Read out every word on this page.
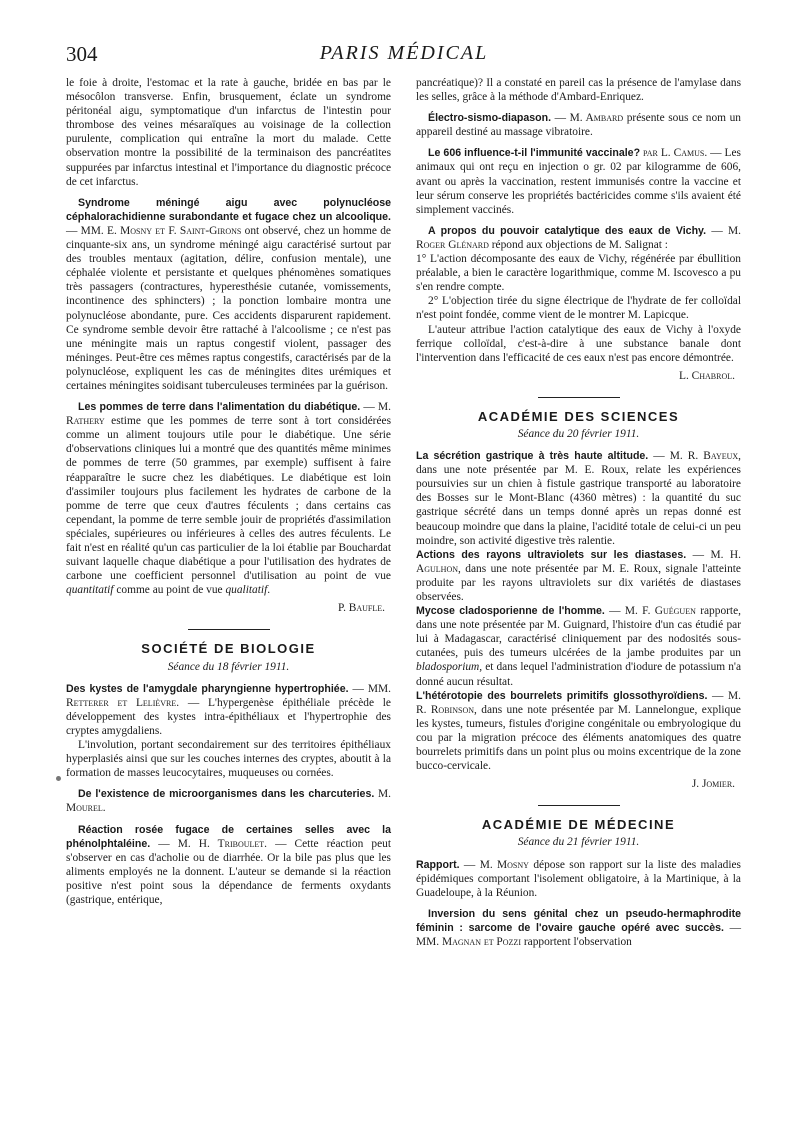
304	PARIS MÉDICAL

le foie à droite, l'estomac et la rate à gauche, bridée en bas par le mésocôlon transverse. Enfin, brusquement, éclate un syndrome péritonéal aigu, symptomatique d'un infarctus de l'intestin pour thrombose des veines mésaraïques au voisinage de la collection purulente, complication qui entraîne la mort du malade. Cette observation montre la possibilité de la terminaison des pancréatites suppurées par infarctus intestinal et l'importance du diagnostic précoce de cet infarctus.

Syndrome méningé aigu avec polynucléose céphalorachidienne surabondante et fugace chez un alcoolique. — MM. E. Mosny et F. Saint-Girons ont observé, chez un homme de cinquante-six ans, un syndrome méningé aigu caractérisé surtout par des troubles mentaux (agitation, délire, confusion mentale), une céphalée violente et persistante et quelques phénomènes somatiques très passagers (contractures, hyperesthésie cutanée, vomissements, incontinence des sphincters) ; la ponction lombaire montra une polynucléose abondante, pure. Ces accidents disparurent rapidement. Ce syndrome semble devoir être rattaché à l'alcoolisme ; ce n'est pas une méningite mais un raptus congestif violent, passager des méninges. Peut-être ces mêmes raptus congestifs, caractérisés par de la polynucléose, expliquent les cas de méningites dites urémiques et certaines méningites soidisant tuberculeuses terminées par la guérison.

Les pommes de terre dans l'alimentation du diabétique. — M. Rathery estime que les pommes de terre sont à tort considérées comme un aliment toujours utile pour le diabétique. Une série d'observations cliniques lui a montré que des quantités même minimes de pommes de terre (50 grammes, par exemple) suffisent à faire réapparaître le sucre chez les diabétiques. Le diabétique est loin d'assimiler toujours plus facilement les hydrates de carbone de la pomme de terre que ceux d'autres féculents ; dans certains cas cependant, la pomme de terre semble jouir de propriétés d'assimilation spéciales, supérieures ou inférieures à celles des autres féculents. Le fait n'est en réalité qu'un cas particulier de la loi établie par Bouchardat suivant laquelle chaque diabétique a pour l'utilisation des hydrates de carbone une coefficient personnel d'utilisation au point de vue quantitatif comme au point de vue qualitatif.

P. Baufle.
SOCIÉTÉ DE BIOLOGIE
Séance du 18 février 1911.

Des kystes de l'amygdale pharyngienne hypertrophiée. — MM. Retterer et Lelièvre. — L'hypergenèse épithéliale précède le développement des kystes intra-épithéliaux et l'hypertrophie des cryptes amygdaliens.

L'involution, portant secondairement sur des territoires épithéliaux hyperplasiés ainsi que sur les couches internes des cryptes, aboutit à la formation de masses leucocytaires, muqueuses ou cornées.

De l'existence de microorganismes dans les charcuteries. M. Mourel.

Réaction rosée fugace de certaines selles avec la phénolphtaléine. — M. H. Triboulet. — Cette réaction peut s'observer en cas d'acholie ou de diarrhée. Or la bile pas plus que les aliments employés ne la donnent. L'auteur se demande si la réaction positive n'est point sous la dépendance de ferments oxydants (gastrique, entérique,

pancréatique)? Il a constaté en pareil cas la présence de l'amylase dans les selles, grâce à la méthode d'Ambard-Enriquez.

Électro-sismo-diapason. — M. Ambard présente sous ce nom un appareil destiné au massage vibratoire.

Le 606 influence-t-il l'immunité vaccinale? par L. Camus. — Les animaux qui ont reçu en injection o gr. 02 par kilogramme de 606, avant ou après la vaccination, restent immunisés contre la vaccine et leur sérum conserve les propriétés bactéricides comme s'ils avaient été simplement vaccinés.

A propos du pouvoir catalytique des eaux de Vichy. — M. Roger Glénard répond aux objections de M. Salignat :

1° L'action décomposante des eaux de Vichy, régénérée par ébullition préalable, a bien le caractère logarithmique, comme M. Iscovesco a pu s'en rendre compte.

2° L'objection tirée du signe électrique de l'hydrate de fer colloïdal n'est point fondée, comme vient de le montrer M. Lapicque.

L'auteur attribue l'action catalytique des eaux de Vichy à l'oxyde ferrique colloïdal, c'est-à-dire à une substance banale dont l'intervention dans l'efficacité de ces eaux n'est pas encore démontrée.

L. Chabrol.
ACADÉMIE DES SCIENCES
Séance du 20 février 1911.

La sécrétion gastrique à très haute altitude. — M. R. Bayeux, dans une note présentée par M. E. Roux, relate les expériences poursuivies sur un chien à fistule gastrique transporté au laboratoire des Bosses sur le Mont-Blanc (4360 mètres) : la quantité du suc gastrique sécrété dans un temps donné après un repas donné est beaucoup moindre que dans la plaine, l'acidité totale de celui-ci un peu moindre, son activité digestive très ralentie.

Actions des rayons ultraviolets sur les diastases. — M. H. Agulhon, dans une note présentée par M. E. Roux, signale l'atteinte produite par les rayons ultraviolets sur dix variétés de diastases observées.

Mycose cladosporienne de l'homme. — M. F. Guéguen rapporte, dans une note présentée par M. Guignard, l'histoire d'un cas étudié par lui à Madagascar, caractérisé cliniquement par des nodosités sous-cutanées, puis des tumeurs ulcérées de la jambe produites par un bladosporium, et dans lequel l'administration d'iodure de potassium n'a donné aucun résultat.

L'hétérotopie des bourrelets primitifs glossothyroïdiens. — M. R. Robinson, dans une note présentée par M. Lannelongue, explique les kystes, tumeurs, fistules d'origine congénitale ou embryologique du cou par la migration précoce des éléments anatomiques des quatre bourrelets primitifs dans un point plus ou moins excentrique de la zone bucco-cervicale.

J. Jomier.
ACADÉMIE DE MÉDECINE
Séance du 21 février 1911.

Rapport. — M. Mosny dépose son rapport sur la liste des maladies épidémiques comportant l'isolement obligatoire, à la Martinique, à la Guadeloupe, à la Réunion.

Inversion du sens génital chez un pseudo-hermaphrodite féminin : sarcome de l'ovaire gauche opéré avec succès. — MM. Magnan et Pozzi rapportent l'observation
